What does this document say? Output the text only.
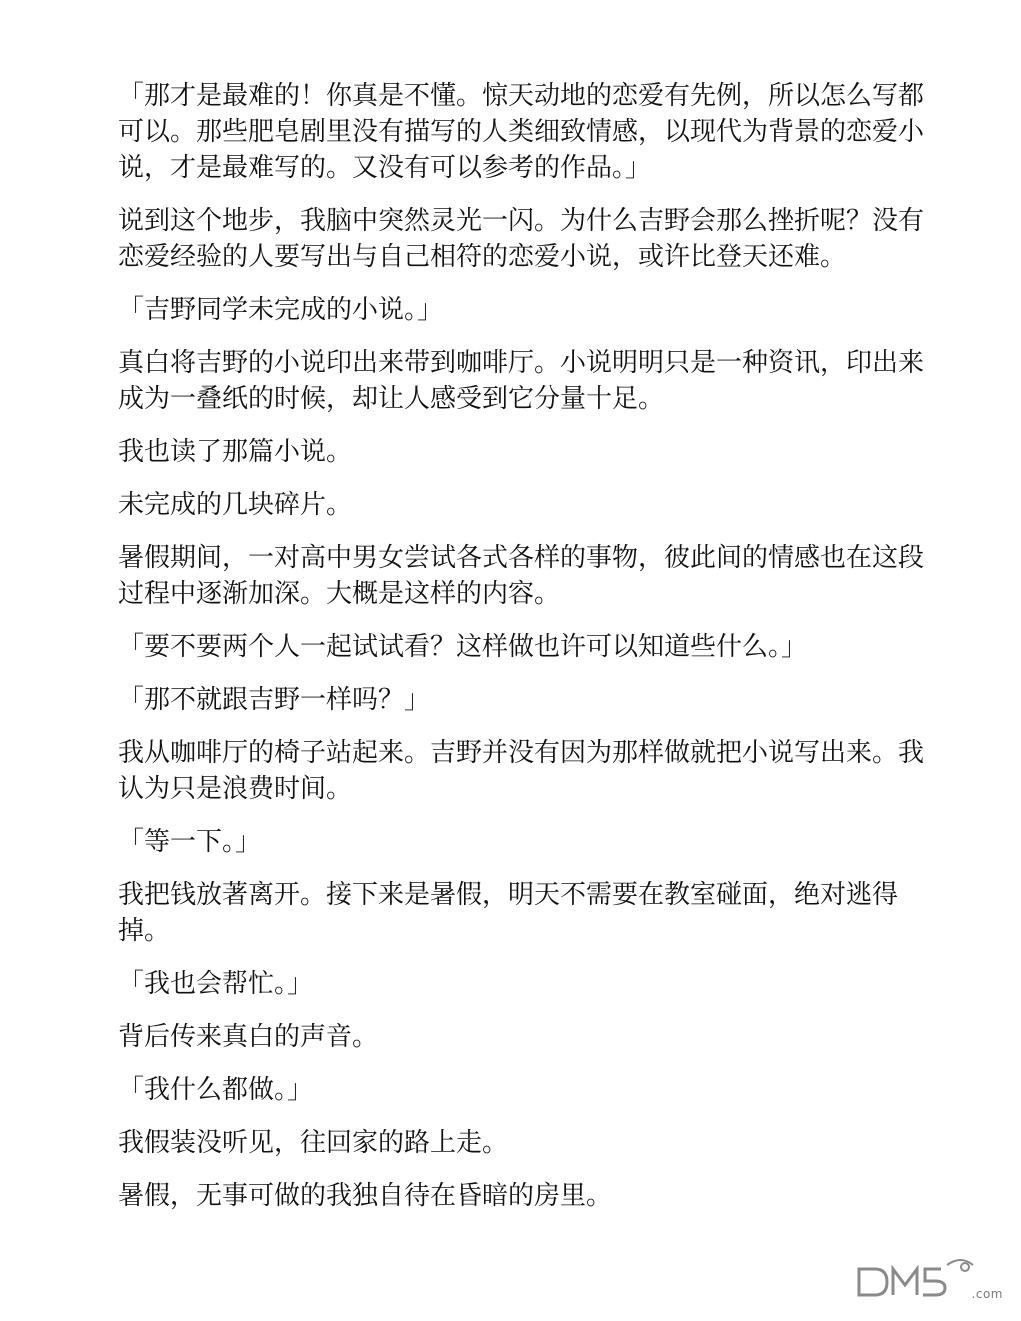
「那才是最难的！你真是不懂。惊天动地的恋爱有先例，所以怎么写都可以。那些肥皂剧里没有描写的人类细致情感，以现代为背景的恋爱小说，才是最难写的。又没有可以参考的作品。」

说到这个地步，我脑中突然灵光一闪。为什么吉野会那么挫折呢？没有恋爱经验的人要写出与自己相符的恋爱小说，或许比登天还难。

「吉野同学未完成的小说。」

真白将吉野的小说印出来带到咖啡厅。小说明明只是一种资讯，印出来成为一叠纸的时候，却让人感受到它分量十足。

我也读了那篇小说。

未完成的几块碎片。

暑假期间，一对高中男女尝试各式各样的事物，彼此间的情感也在这段过程中逐渐加深。大概是这样的内容。

「要不要两个人一起试试看？这样做也许可以知道些什么。」

「那不就跟吉野一样吗？」

我从咖啡厅的椅子站起来。吉野并没有因为那样做就把小说写出来。我认为只是浪费时间。

「等一下。」

我把钱放著离开。接下来是暑假，明天不需要在教室碰面，绝对逃得掉。

「我也会帮忙。」

背后传来真白的声音。

「我什么都做。」

我假装没听见，往回家的路上走。

暑假，无事可做的我独自待在昏暗的房里。

.com
